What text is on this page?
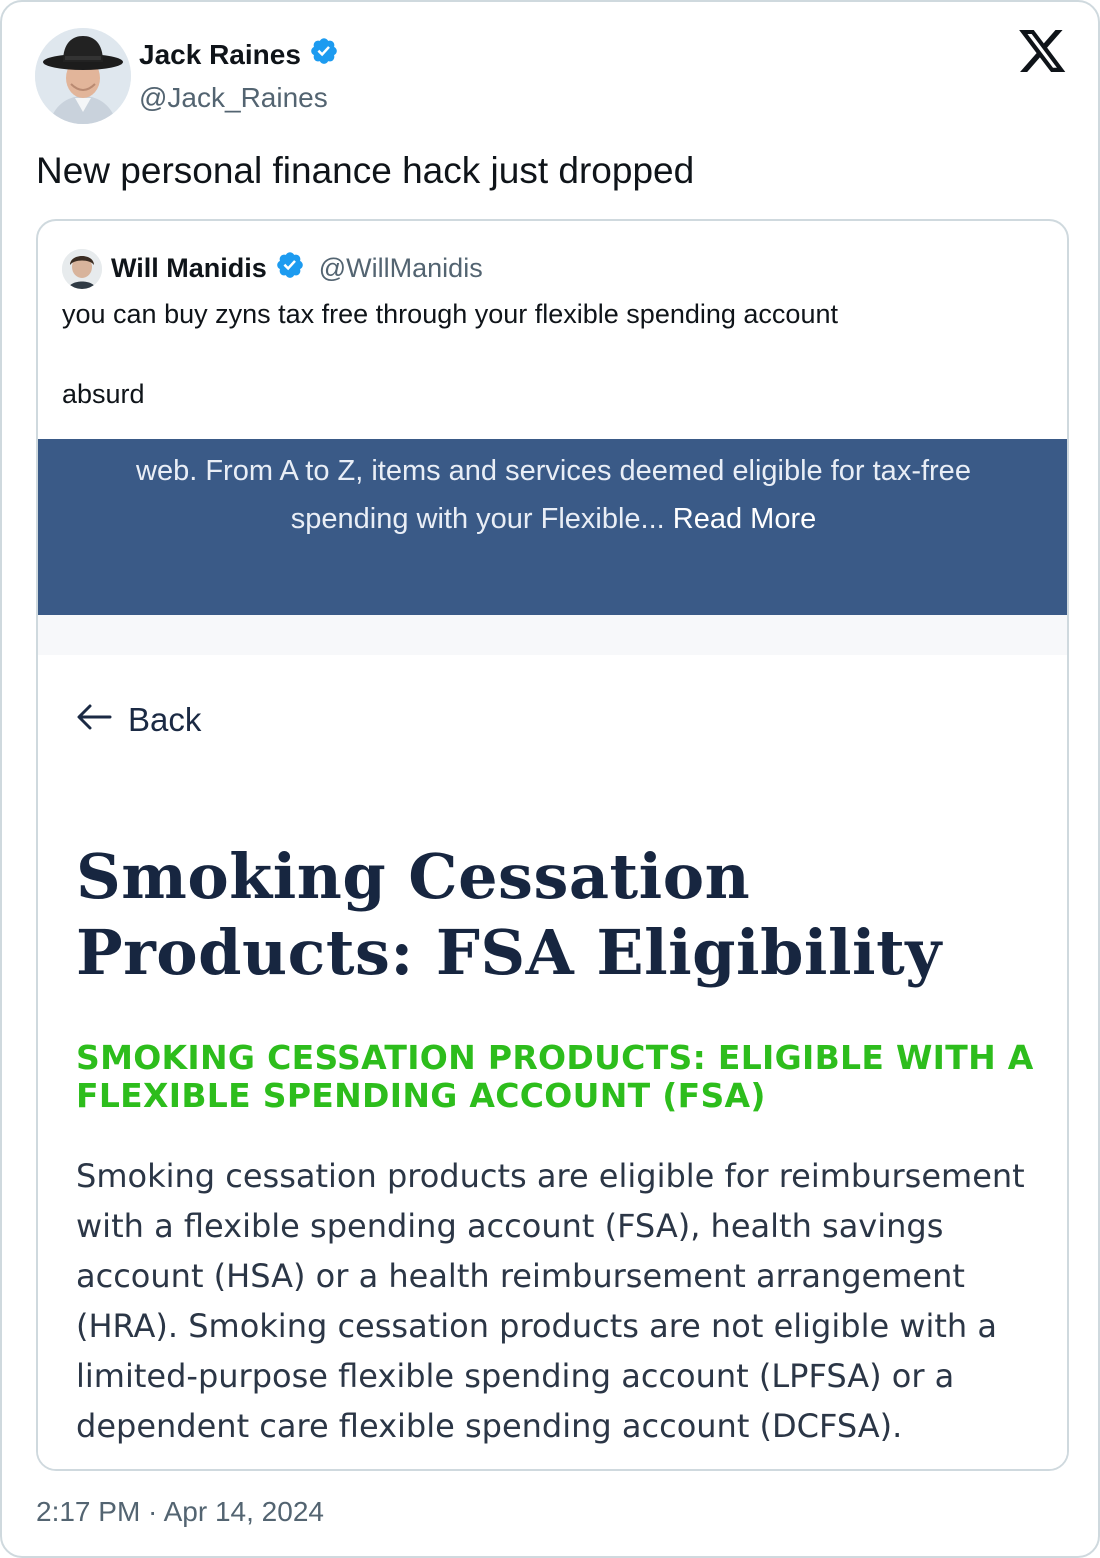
Jack Raines
@Jack_Raines
New personal finance hack just dropped
Will Manidis @WillManidis
you can buy zyns tax free through your flexible spending account
absurd
web. From A to Z, items and services deemed eligible for tax-free
spending with your Flexible... Read More
Back
Smoking Cessation Products: FSA Eligibility
SMOKING CESSATION PRODUCTS: ELIGIBLE WITH A FLEXIBLE SPENDING ACCOUNT (FSA)
Smoking cessation products are eligible for reimbursement with a flexible spending account (FSA), health savings account (HSA) or a health reimbursement arrangement (HRA). Smoking cessation products are not eligible with a limited-purpose flexible spending account (LPFSA) or a dependent care flexible spending account (DCFSA).
2:17 PM · Apr 14, 2024
